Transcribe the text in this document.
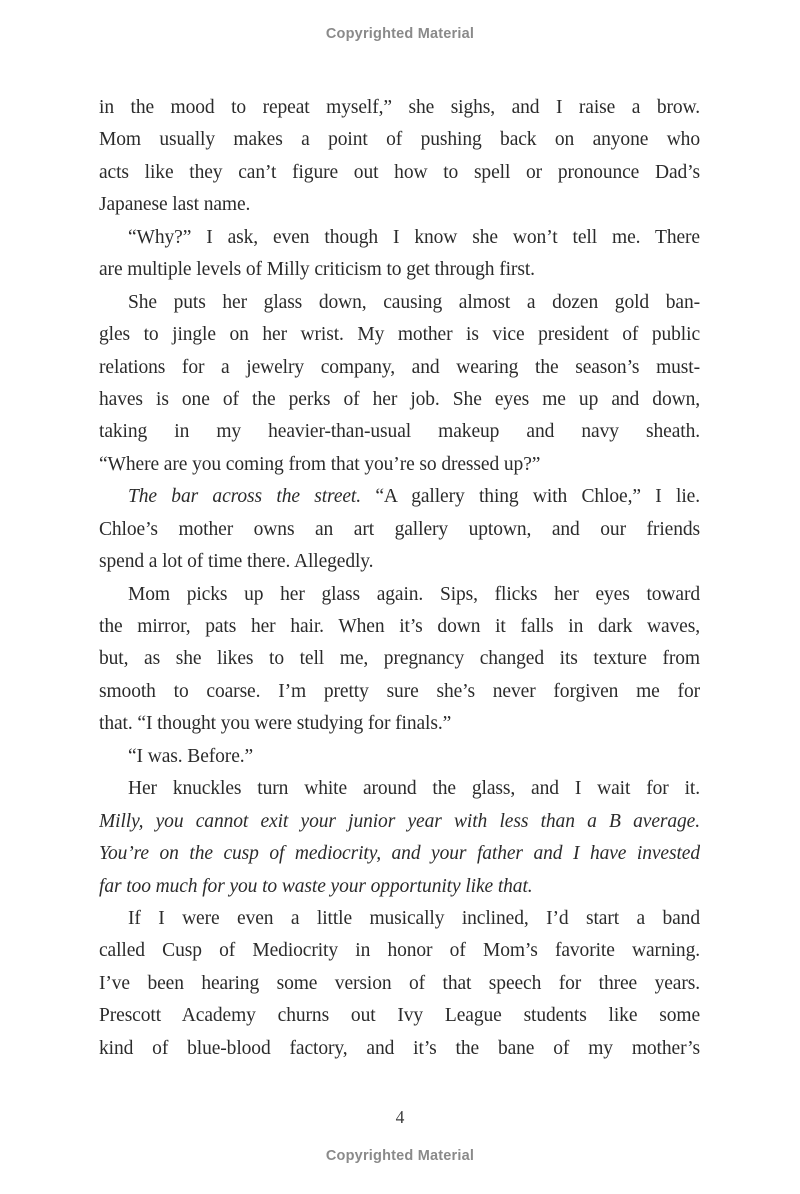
Copyrighted Material
in the mood to repeat myself,” she sighs, and I raise a brow.
Mom usually makes a point of pushing back on anyone who
acts like they can’t figure out how to spell or pronounce Dad’s
Japanese last name.
“Why?” I ask, even though I know she won’t tell me. There
are multiple levels of Milly criticism to get through first.
She puts her glass down, causing almost a dozen gold ban-
gles to jingle on her wrist. My mother is vice president of public
relations for a jewelry company, and wearing the season’s must-
haves is one of the perks of her job. She eyes me up and down,
taking in my heavier-than-usual makeup and navy sheath.
“Where are you coming from that you’re so dressed up?”
The bar across the street. “A gallery thing with Chloe,” I lie.
Chloe’s mother owns an art gallery uptown, and our friends
spend a lot of time there. Allegedly.
Mom picks up her glass again. Sips, flicks her eyes toward
the mirror, pats her hair. When it’s down it falls in dark waves,
but, as she likes to tell me, pregnancy changed its texture from
smooth to coarse. I’m pretty sure she’s never forgiven me for
that. “I thought you were studying for finals.”
“I was. Before.”
Her knuckles turn white around the glass, and I wait for it.
Milly, you cannot exit your junior year with less than a B average.
You’re on the cusp of mediocrity, and your father and I have invested
far too much for you to waste your opportunity like that.
If I were even a little musically inclined, I’d start a band
called Cusp of Mediocrity in honor of Mom’s favorite warning.
I’ve been hearing some version of that speech for three years.
Prescott Academy churns out Ivy League students like some
kind of blue-blood factory, and it’s the bane of my mother’s
4
Copyrighted Material
